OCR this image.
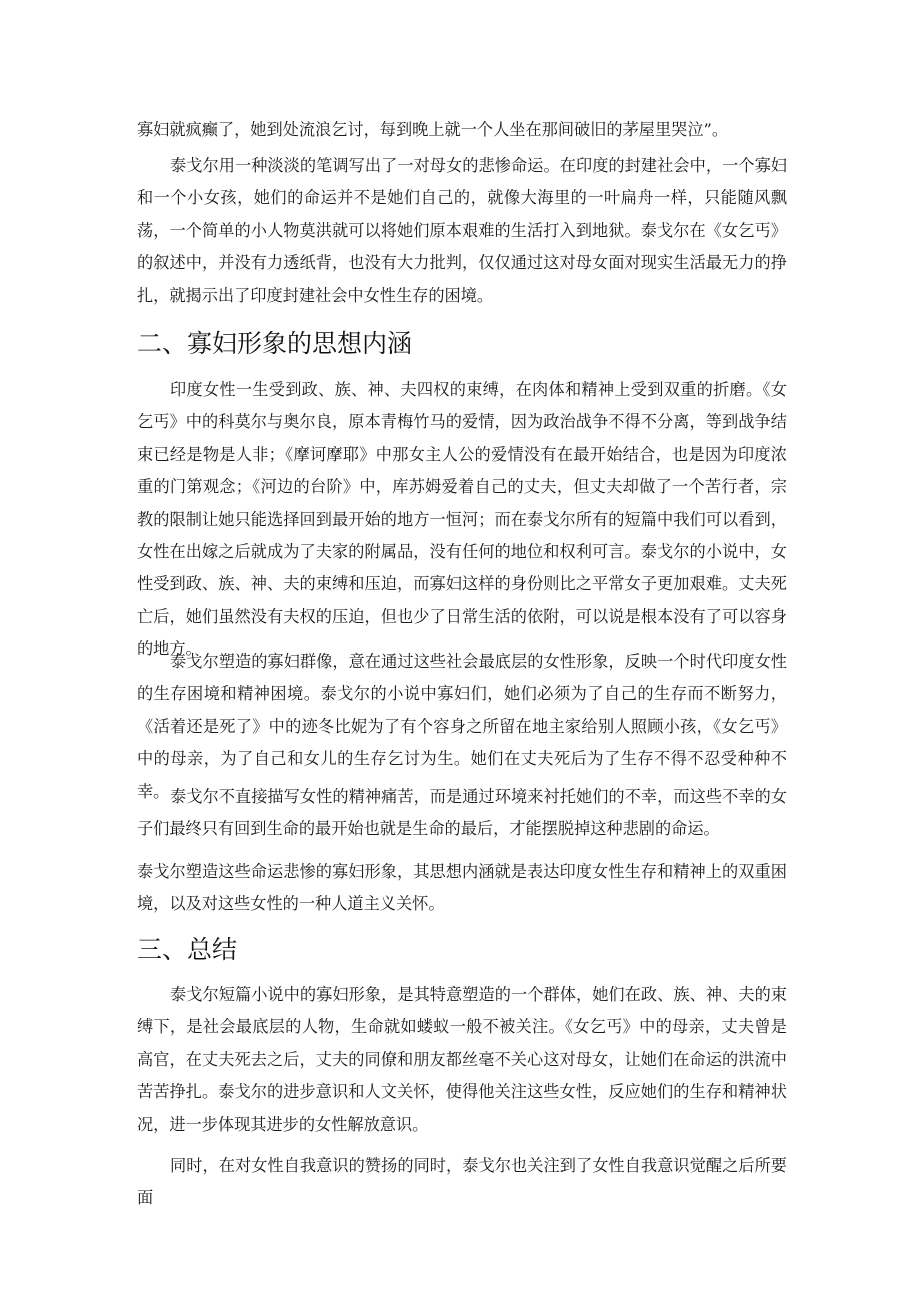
寡妇就疯癫了，她到处流浪乞讨，每到晚上就一个人坐在那间破旧的茅屋里哭泣”。

泰戈尔用一种淡淡的笔调写出了一对母女的悲惨命运。在印度的封建社会中，一个寡妇和一个小女孩，她们的命运并不是她们自己的，就像大海里的一叶扁舟一样，只能随风飘荡，一个简单的小人物莫洪就可以将她们原本艰难的生活打入到地狱。泰戈尔在《女乞丐》的叙述中，并没有力透纸背，也没有大力批判，仅仅通过这对母女面对现实生活最无力的挣扎，就揭示出了印度封建社会中女性生存的困境。

二、寡妇形象的思想内涵

印度女性一生受到政、族、神、夫四权的束缚，在肉体和精神上受到双重的折磨。《女乞丐》中的科莫尔与奥尔良，原本青梅竹马的爱情，因为政治战争不得不分离，等到战争结束已经是物是人非；《摩诃摩耶》中那女主人公的爱情没有在最开始结合，也是因为印度浓重的门第观念；《河边的台阶》中，库苏姆爱着自己的丈夫，但丈夫却做了一个苦行者，宗教的限制让她只能选择回到最开始的地方一恒河；而在泰戈尔所有的短篇中我们可以看到，女性在出嫁之后就成为了夫家的附属品，没有任何的地位和权利可言。泰戈尔的小说中，女性受到政、族、神、夫的束缚和压迫，而寡妇这样的身份则比之平常女子更加艰难。丈夫死亡后，她们虽然没有夫权的压迫，但也少了日常生活的依附，可以说是根本没有了可以容身的地方。

泰戈尔塑造的寡妇群像，意在通过这些社会最底层的女性形象，反映一个时代印度女性的生存困境和精神困境。泰戈尔的小说中寡妇们，她们必须为了自己的生存而不断努力，《活着还是死了》中的迹冬比妮为了有个容身之所留在地主家给别人照顾小孩，《女乞丐》中的母亲，为了自己和女儿的生存乞讨为生。她们在丈夫死后为了生存不得不忍受种种不幸。 泰戈尔不直接描写女性的精神痛苦，而是通过环境来衬托她们的不幸，而这些不幸的女子们最终只有回到生命的最开始也就是生命的最后，才能摆脱掉这种悲剧的命运。

泰戈尔塑造这些命运悲惨的寡妇形象，其思想内涵就是表达印度女性生存和精神上的双重困境，以及对这些女性的一种人道主义关怀。

三、总结

泰戈尔短篇小说中的寡妇形象，是其特意塑造的一个群体，她们在政、族、神、夫的束缚下，是社会最底层的人物，生命就如蝼蚁一般不被关注。《女乞丐》中的母亲，丈夫曾是高官，在丈夫死去之后，丈夫的同僚和朋友都丝毫不关心这对母女，让她们在命运的洪流中苦苦挣扎。泰戈尔的进步意识和人文关怀，使得他关注这些女性，反应她们的生存和精神状况，进一步体现其进步的女性解放意识。

同时，在对女性自我意识的赞扬的同时，泰戈尔也关注到了女性自我意识觉醒之后所要面
